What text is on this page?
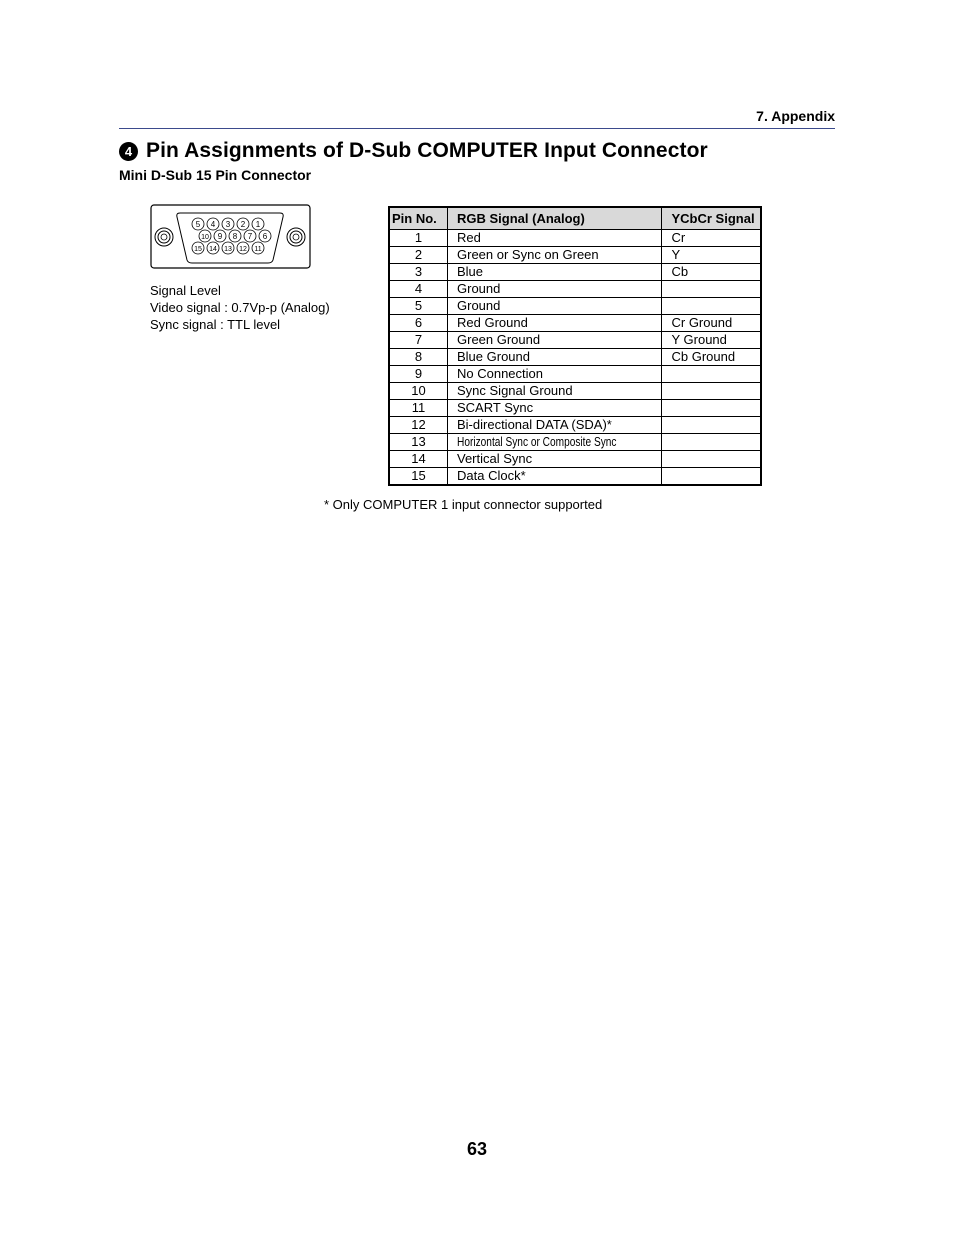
7. Appendix
4 Pin Assignments of D-Sub COMPUTER Input Connector
Mini D-Sub 15 Pin Connector
5 4 3 2 1
10 9 8 7 6
15 14 13 12 11
Signal Level
Video signal : 0.7Vp-p (Analog)
Sync signal : TTL level
Pin No.	RGB Signal (Analog)	YCbCr Signal
1	Red	Cr
2	Green or Sync on Green	Y
3	Blue	Cb
4	Ground	
5	Ground	
6	Red Ground	Cr Ground
7	Green Ground	Y Ground
8	Blue Ground	Cb Ground
9	No Connection	
10	Sync Signal Ground	
11	SCART Sync	
12	Bi-directional DATA (SDA)*	
13	Horizontal Sync or Composite Sync	
14	Vertical Sync	
15	Data Clock*	
* Only COMPUTER 1 input connector supported
63
